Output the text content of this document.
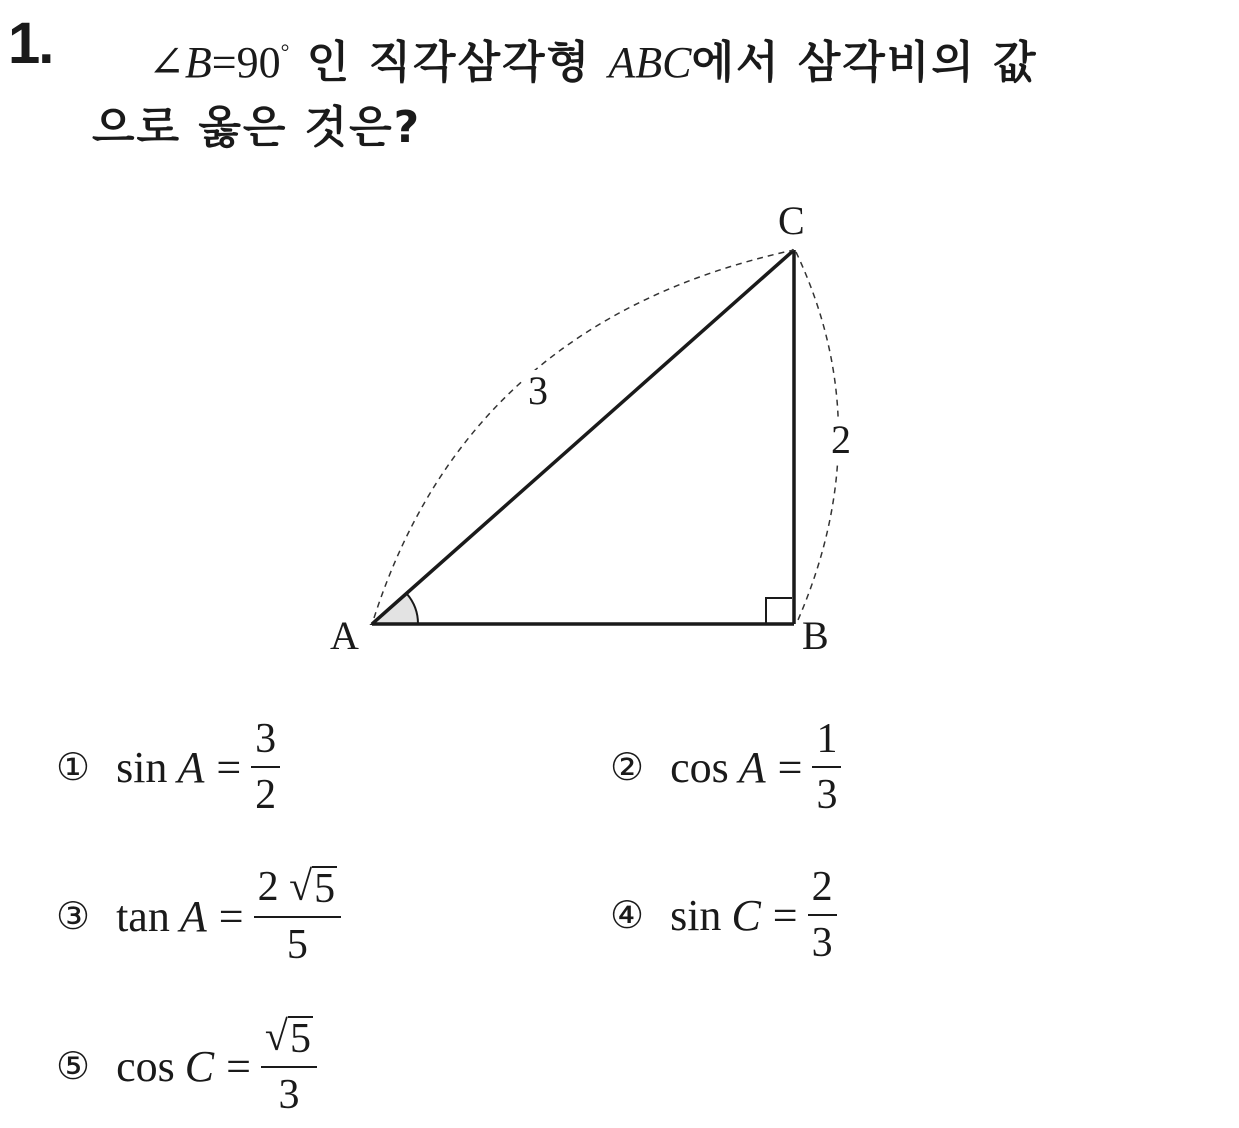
1. ∠B=90° 인 직각삼각형 ABC에서 삼각비의 값
으로 옳은 것은?
3
2
A	B
C
① $\sin A = \frac{3}{2}$	② $\cos A = \frac{1}{3}$
③ $\tan A = \frac{2 √ 5}{5}$	④ $\sin C = \frac{2}{3}$
⑤ $\cos C = \frac{√ 5}{3}$
